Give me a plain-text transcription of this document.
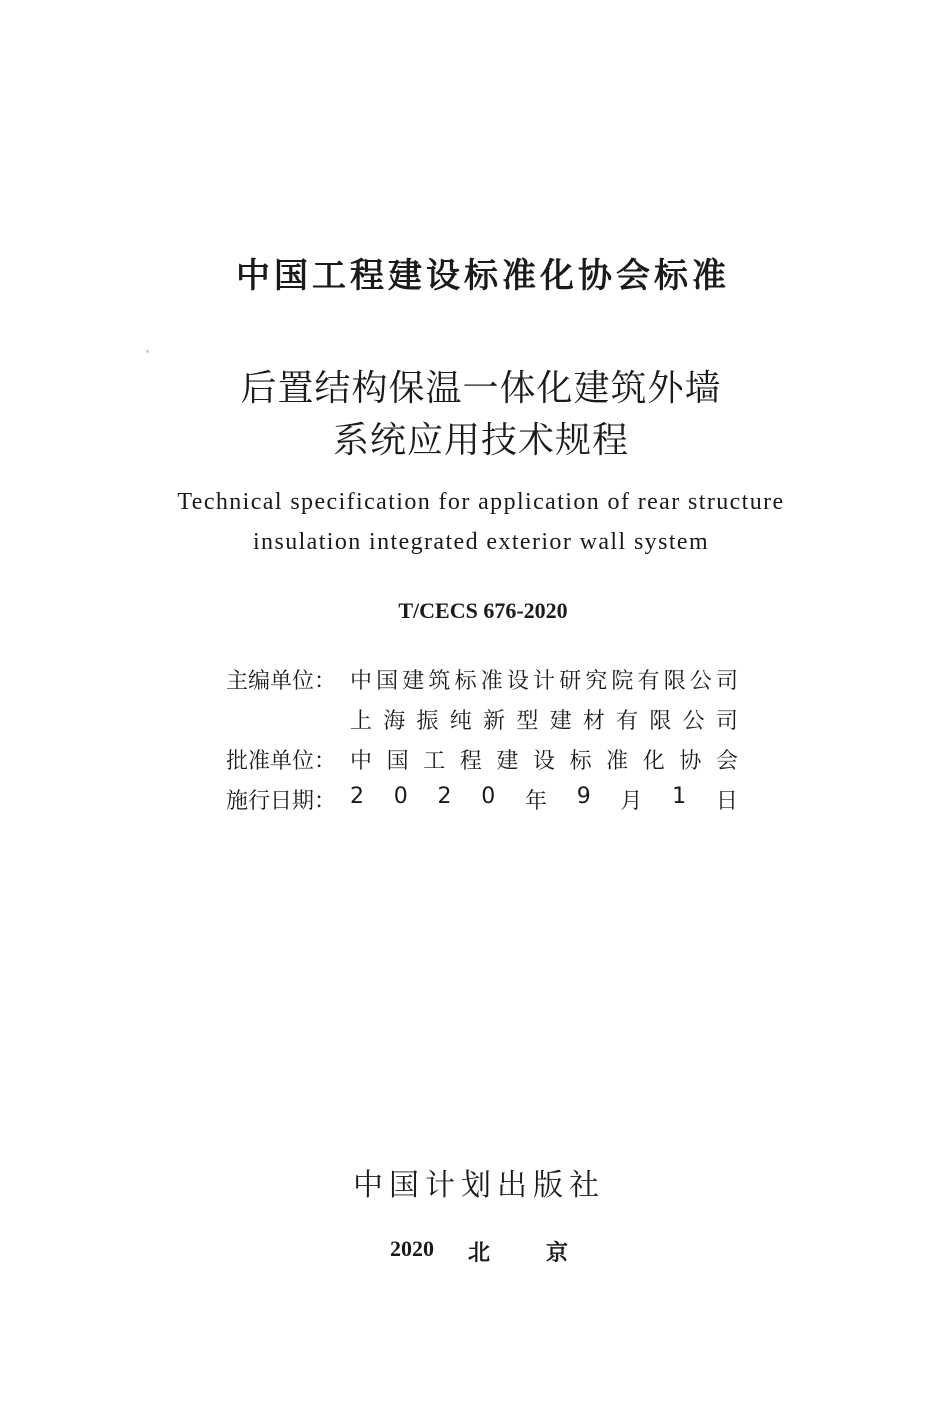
中国工程建设标准化协会标准
后置结构保温一体化建筑外墙
系统应用技术规程
Technical specification for application of rear structure
insulation integrated exterior wall system
T/CECS 676-2020
主编单位： 中 国 建 筑 标 准 设 计 研 究 院 有 限 公 司
上 海 振 纯 新 型 建 材 有 限 公 司
批准单位： 中 国 工 程 建 设 标 准 化 协 会
施行日期： 2 0 2 0 年 9 月 1 日
中国计划出版社
2020 北	京
